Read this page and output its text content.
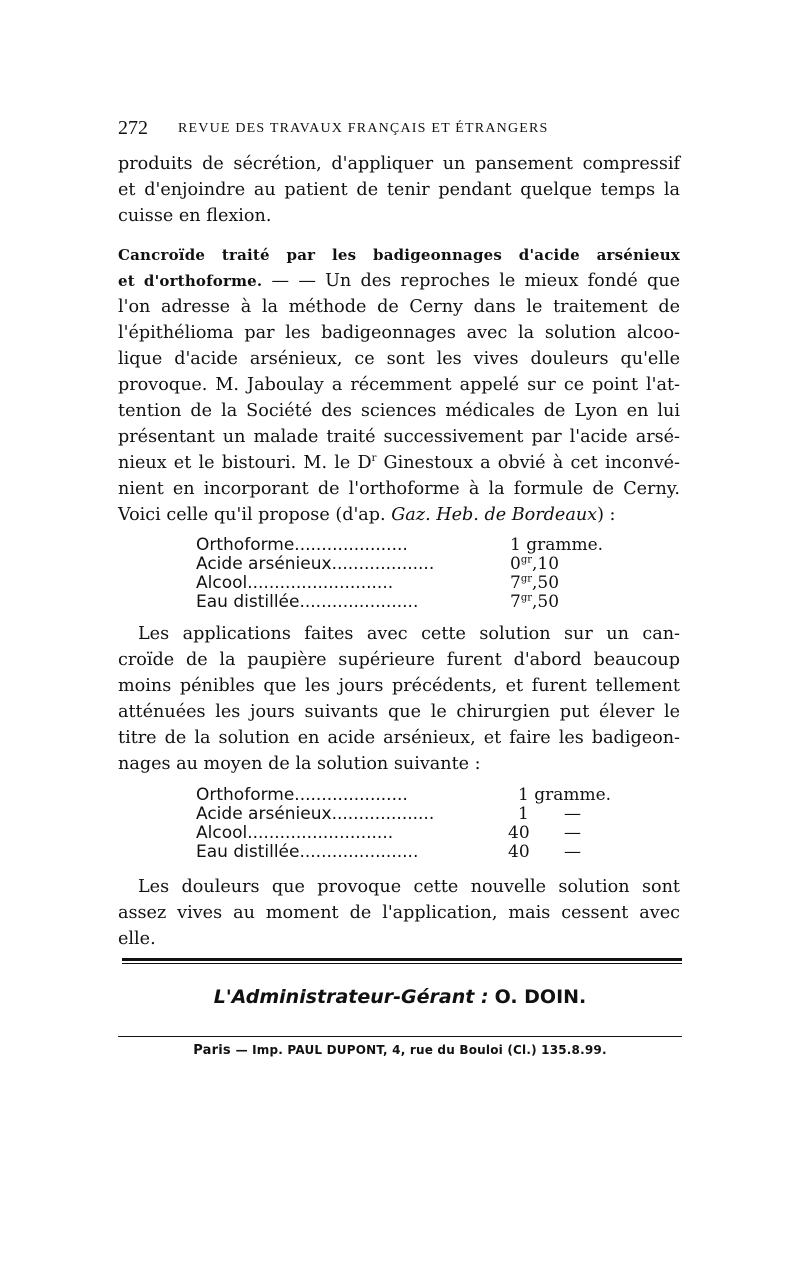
272 REVUE DES TRAVAUX FRANÇAIS ET ÉTRANGERS
produits de sécrétion, d'appliquer un pansement compressif
et d'enjoindre au patient de tenir pendant quelque temps la
cuisse en flexion.
Cancroïde traité par les badigeonnages d'acide arsénieux
et d'orthoforme. — — Un des reproches le mieux fondé que
l'on adresse à la méthode de Cerny dans le traitement de
l'épithélioma par les badigeonnages avec la solution alcoo-
lique d'acide arsénieux, ce sont les vives douleurs qu'elle
provoque. M. Jaboulay a récemment appelé sur ce point l'at-
tention de la Société des sciences médicales de Lyon en lui
présentant un malade traité successivement par l'acide arsé-
nieux et le bistouri. M. le $D^r$ Ginestoux a obvié à cet inconvé-
nient en incorporant de l'orthoforme à la formule de Cerny.
Voici celle qu'il propose (d'ap. Gaz. Heb. de Bordeaux) :
Orthoforme.....................	1 gramme.
Acide arsénieux...................	$0^{gr},10$
Alcool...........................	$7^{gr},50$
Eau distillée......................	$7^{gr},50$
Les applications faites avec cette solution sur un can-
croïde de la paupière supérieure furent d'abord beaucoup
moins pénibles que les jours précédents, et furent tellement
atténuées les jours suivants que le chirurgien put élever le
titre de la solution en acide arsénieux, et faire les badigeon-
nages au moyen de la solution suivante :
Orthoforme.....................	1 gramme.
Acide arsénieux...................	1 —
Alcool...........................	40 —
Eau distillée......................	40 —
Les douleurs que provoque cette nouvelle solution sont
assez vives au moment de l'application, mais cessent avec
elle.
L'Administrateur-Gérant : O. DOIN.
Paris — Imp. PAUL DUPONT, 4, rue du Bouloi (Cl.) 135.8.99.
